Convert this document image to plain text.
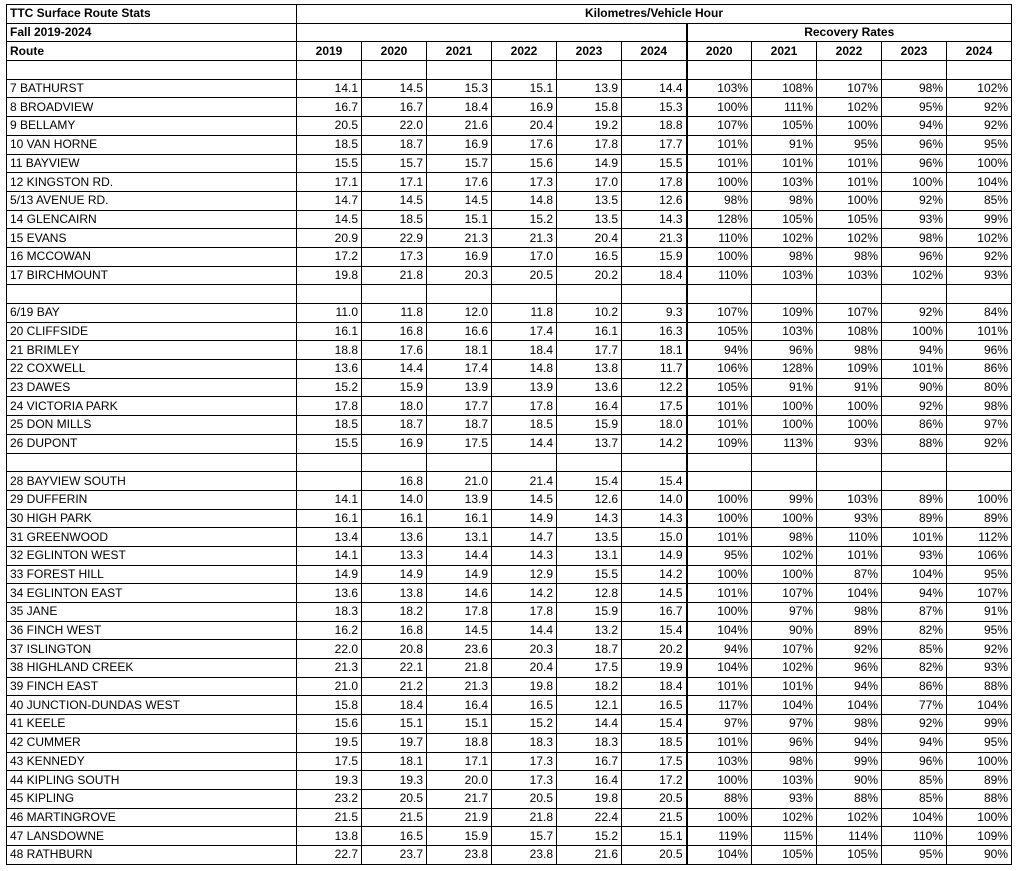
TTC Surface Route Stats	Kilometres/Vehicle Hour										
Fall 2019-2024							Recovery Rates				
Route	2019	2020	2021	2022	2023	2024	2020	2021	2022	2023	2024

7 BATHURST	14.1	14.5	15.3	15.1	13.9	14.4	103%	108%	107%	98%	102%
8 BROADVIEW	16.7	16.7	18.4	16.9	15.8	15.3	100%	111%	102%	95%	92%
9 BELLAMY	20.5	22.0	21.6	20.4	19.2	18.8	107%	105%	100%	94%	92%
10 VAN HORNE	18.5	18.7	16.9	17.6	17.8	17.7	101%	91%	95%	96%	95%
11 BAYVIEW	15.5	15.7	15.7	15.6	14.9	15.5	101%	101%	101%	96%	100%
12 KINGSTON RD.	17.1	17.1	17.6	17.3	17.0	17.8	100%	103%	101%	100%	104%
5/13 AVENUE RD.	14.7	14.5	14.5	14.8	13.5	12.6	98%	98%	100%	92%	85%
14 GLENCAIRN	14.5	18.5	15.1	15.2	13.5	14.3	128%	105%	105%	93%	99%
15 EVANS	20.9	22.9	21.3	21.3	20.4	21.3	110%	102%	102%	98%	102%
16 MCCOWAN	17.2	17.3	16.9	17.0	16.5	15.9	100%	98%	98%	96%	92%
17 BIRCHMOUNT	19.8	21.8	20.3	20.5	20.2	18.4	110%	103%	103%	102%	93%

6/19 BAY	11.0	11.8	12.0	11.8	10.2	9.3	107%	109%	107%	92%	84%
20 CLIFFSIDE	16.1	16.8	16.6	17.4	16.1	16.3	105%	103%	108%	100%	101%
21 BRIMLEY	18.8	17.6	18.1	18.4	17.7	18.1	94%	96%	98%	94%	96%
22 COXWELL	13.6	14.4	17.4	14.8	13.8	11.7	106%	128%	109%	101%	86%
23 DAWES	15.2	15.9	13.9	13.9	13.6	12.2	105%	91%	91%	90%	80%
24 VICTORIA PARK	17.8	18.0	17.7	17.8	16.4	17.5	101%	100%	100%	92%	98%
25 DON MILLS	18.5	18.7	18.7	18.5	15.9	18.0	101%	100%	100%	86%	97%
26 DUPONT	15.5	16.9	17.5	14.4	13.7	14.2	109%	113%	93%	88%	92%

28 BAYVIEW SOUTH		16.8	21.0	21.4	15.4	15.4					
29 DUFFERIN	14.1	14.0	13.9	14.5	12.6	14.0	100%	99%	103%	89%	100%
30 HIGH PARK	16.1	16.1	16.1	14.9	14.3	14.3	100%	100%	93%	89%	89%
31 GREENWOOD	13.4	13.6	13.1	14.7	13.5	15.0	101%	98%	110%	101%	112%
32 EGLINTON WEST	14.1	13.3	14.4	14.3	13.1	14.9	95%	102%	101%	93%	106%
33 FOREST HILL	14.9	14.9	14.9	12.9	15.5	14.2	100%	100%	87%	104%	95%
34 EGLINTON EAST	13.6	13.8	14.6	14.2	12.8	14.5	101%	107%	104%	94%	107%
35 JANE	18.3	18.2	17.8	17.8	15.9	16.7	100%	97%	98%	87%	91%
36 FINCH WEST	16.2	16.8	14.5	14.4	13.2	15.4	104%	90%	89%	82%	95%
37 ISLINGTON	22.0	20.8	23.6	20.3	18.7	20.2	94%	107%	92%	85%	92%
38 HIGHLAND CREEK	21.3	22.1	21.8	20.4	17.5	19.9	104%	102%	96%	82%	93%
39 FINCH EAST	21.0	21.2	21.3	19.8	18.2	18.4	101%	101%	94%	86%	88%
40 JUNCTION-DUNDAS WEST	15.8	18.4	16.4	16.5	12.1	16.5	117%	104%	104%	77%	104%
41 KEELE	15.6	15.1	15.1	15.2	14.4	15.4	97%	97%	98%	92%	99%
42 CUMMER	19.5	19.7	18.8	18.3	18.3	18.5	101%	96%	94%	94%	95%
43 KENNEDY	17.5	18.1	17.1	17.3	16.7	17.5	103%	98%	99%	96%	100%
44 KIPLING SOUTH	19.3	19.3	20.0	17.3	16.4	17.2	100%	103%	90%	85%	89%
45 KIPLING	23.2	20.5	21.7	20.5	19.8	20.5	88%	93%	88%	85%	88%
46 MARTINGROVE	21.5	21.5	21.9	21.8	22.4	21.5	100%	102%	102%	104%	100%
47 LANSDOWNE	13.8	16.5	15.9	15.7	15.2	15.1	119%	115%	114%	110%	109%
48 RATHBURN	22.7	23.7	23.8	23.8	21.6	20.5	104%	105%	105%	95%	90%
